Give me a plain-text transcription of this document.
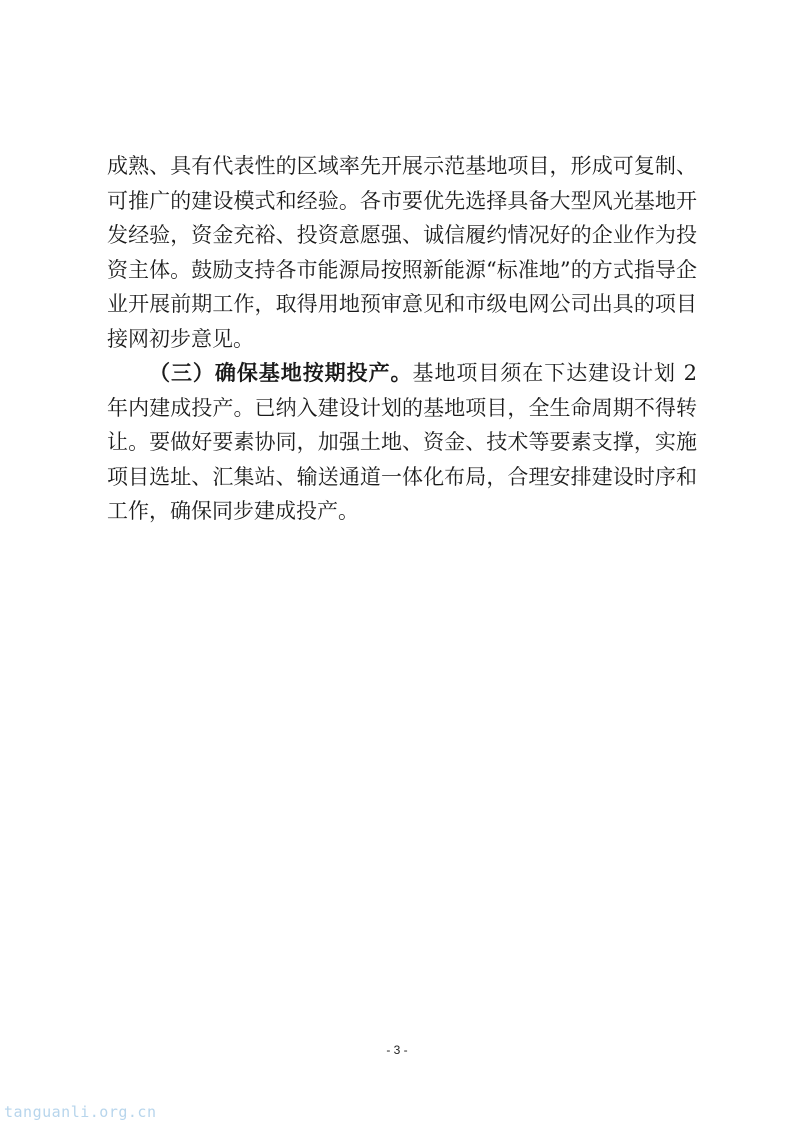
成熟、具有代表性的区域率先开展示范基地项目，形成可复制、
可推广的建设模式和经验。各市要优先选择具备大型风光基地开
发经验，资金充裕、投资意愿强、诚信履约情况好的企业作为投
资主体。鼓励支持各市能源局按照新能源“标准地”的方式指导企
业开展前期工作，取得用地预审意见和市级电网公司出具的项目
接网初步意见。
（三）确保基地按期投产。基地项目须在下达建设计划 2
年内建成投产。已纳入建设计划的基地项目，全生命周期不得转
让。要做好要素协同，加强土地、资金、技术等要素支撑，实施
项目选址、汇集站、输送通道一体化布局，合理安排建设时序和
工作，确保同步建成投产。
- 3 -
tanguanli.org.cn
